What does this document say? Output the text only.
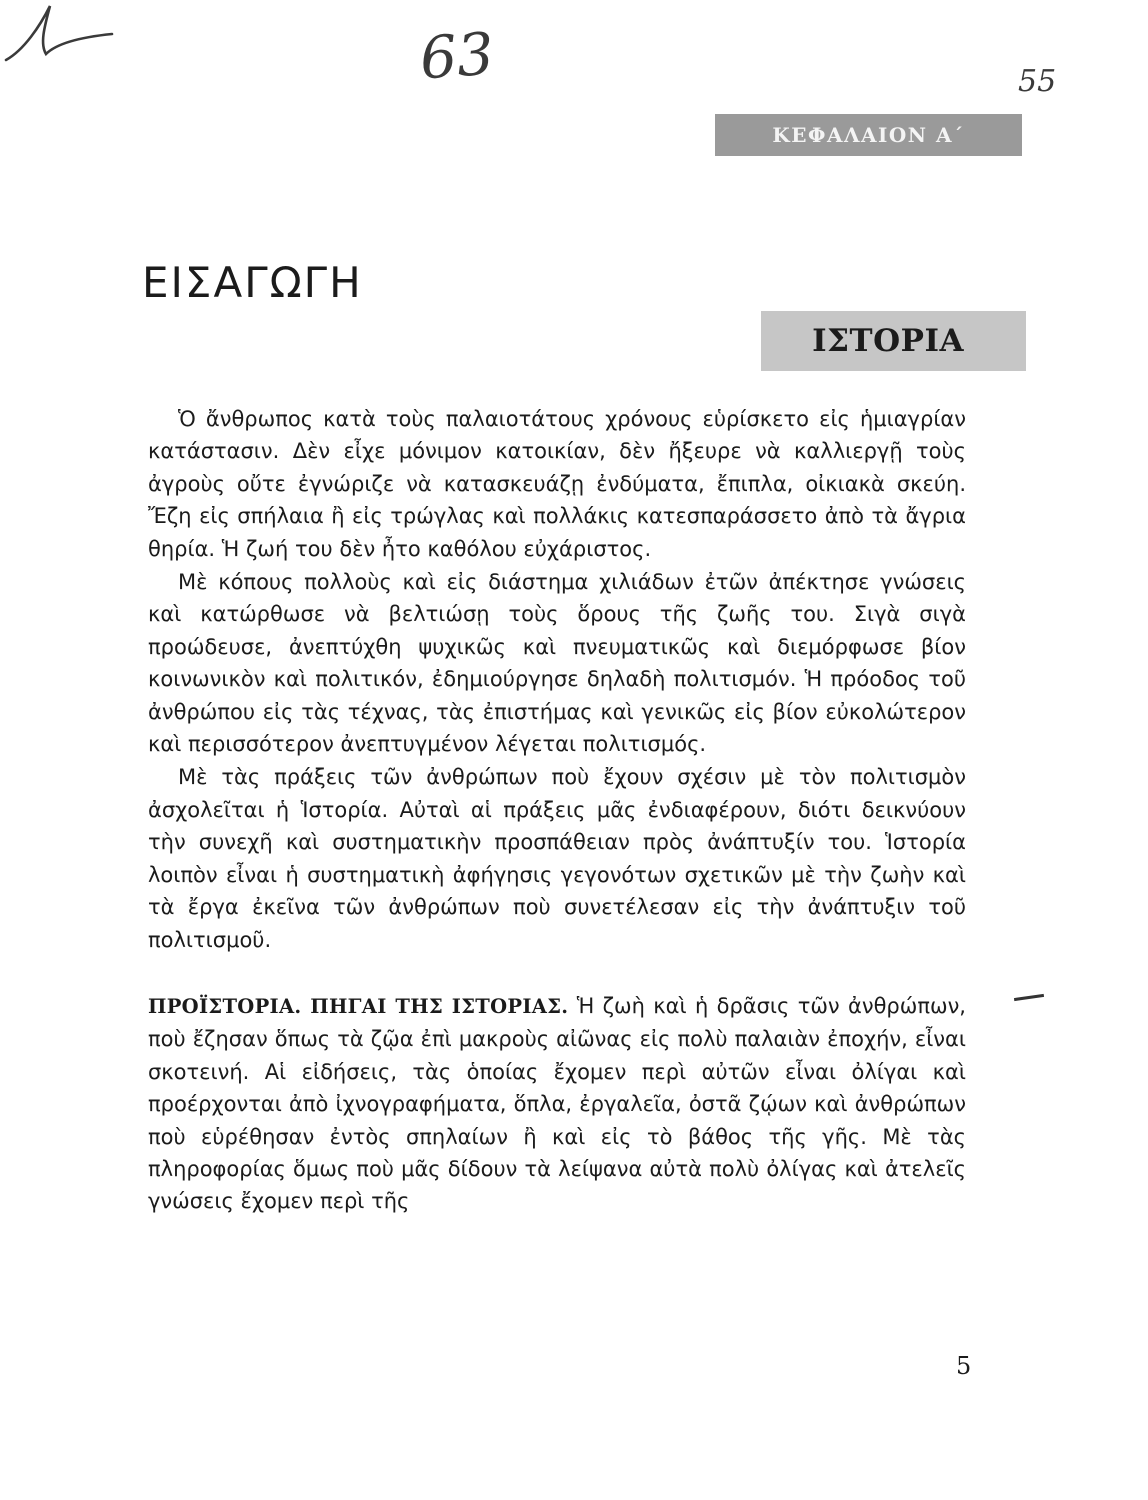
63	55
ΚΕΦΑΛΑΙΟΝ Α΄
ΕΙΣΑΓΩΓΗ
ΙΣΤΟΡΙΑ

Ὁ ἄνθρωπος κατὰ τοὺς παλαιοτάτους χρόνους εὑρίσκετο εἰς ἡμιαγρίαν κατάστασιν. Δὲν εἶχε μόνιμον κατοικίαν, δὲν ἤξευρε νὰ καλλιεργῇ τοὺς ἀγροὺς οὔτε ἐγνώριζε νὰ κατασκευάζῃ ἐνδύματα, ἔπιπλα, οἰκιακὰ σκεύη. Ἔζη εἰς σπήλαια ἢ εἰς τρώγλας καὶ πολλάκις κατεσπαράσσετο ἀπὸ τὰ ἄγρια θηρία. Ἡ ζωή του δὲν ἦτο καθόλου εὐχάριστος.

Μὲ κόπους πολλοὺς καὶ εἰς διάστημα χιλιάδων ἐτῶν ἀπέκτησε γνώσεις καὶ κατώρθωσε νὰ βελτιώσῃ τοὺς ὅρους τῆς ζωῆς του. Σιγὰ σιγὰ προώδευσε, ἀνεπτύχθη ψυχικῶς καὶ πνευματικῶς καὶ διεμόρφωσε βίον κοινωνικὸν καὶ πολιτικόν, ἐδημιούργησε δηλαδὴ πολιτισμόν. Ἡ πρόοδος τοῦ ἀνθρώπου εἰς τὰς τέχνας, τὰς ἐπιστήμας καὶ γενικῶς εἰς βίον εὐκολώτερον καὶ περισσότερον ἀνεπτυγμένον λέγεται πολιτισμός.

Μὲ τὰς πράξεις τῶν ἀνθρώπων ποὺ ἔχουν σχέσιν μὲ τὸν πολιτισμὸν ἀσχολεῖται ἡ Ἱστορία. Αὐταὶ αἱ πράξεις μᾶς ἐνδιαφέρουν, διότι δεικνύουν τὴν συνεχῆ καὶ συστηματικὴν προσπάθειαν πρὸς ἀνάπτυξίν του. Ἱστορία λοιπὸν εἶναι ἡ συστηματικὴ ἀφήγησις γεγονότων σχετικῶν μὲ τὴν ζωὴν καὶ τὰ ἔργα ἐκεῖνα τῶν ἀνθρώπων ποὺ συνετέλεσαν εἰς τὴν ἀνάπτυξιν τοῦ πολιτισμοῦ.

ΠΡΟΪΣΤΟΡΙΑ. ΠΗΓΑΙ ΤΗΣ ΙΣΤΟΡΙΑΣ. Ἡ ζωὴ καὶ ἡ δρᾶσις τῶν ἀνθρώπων, ποὺ ἔζησαν ὅπως τὰ ζῷα ἐπὶ μακροὺς αἰῶνας εἰς πολὺ παλαιὰν ἐποχήν, εἶναι σκοτεινή. Αἱ εἰδήσεις, τὰς ὁποίας ἔχομεν περὶ αὐτῶν εἶναι ὀλίγαι καὶ προέρχονται ἀπὸ ἰχνογραφήματα, ὅπλα, ἐργαλεῖα, ὀστᾶ ζῴων καὶ ἀνθρώπων ποὺ εὑρέθησαν ἐντὸς σπηλαίων ἢ καὶ εἰς τὸ βάθος τῆς γῆς. Μὲ τὰς πληροφορίας ὅμως ποὺ μᾶς δίδουν τὰ λείψανα αὐτὰ πολὺ ὀλίγας καὶ ἀτελεῖς γνώσεις ἔχομεν περὶ τῆς

5
